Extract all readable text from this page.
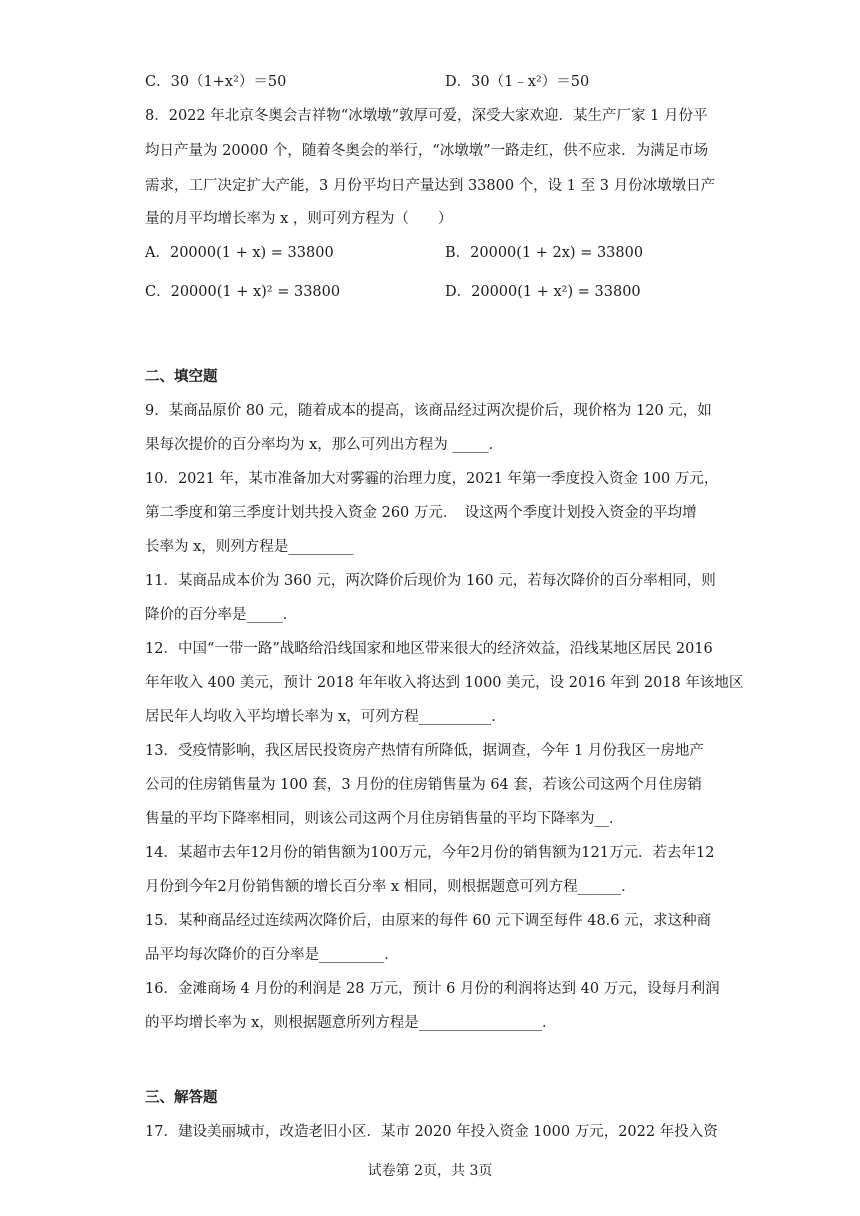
C．30（1+x²）＝50	D．30（1﹣x²）＝50
8．2022 年北京冬奥会吉祥物“冰墩墩”敦厚可爱，深受大家欢迎．某生产厂家 1 月份平
均日产量为 20000 个，随着冬奥会的举行，“冰墩墩”一路走红，供不应求．为满足市场
需求，工厂决定扩大产能，3 月份平均日产量达到 33800 个，设 1 至 3 月份冰墩墩日产
量的月平均增长率为 x ，则可列方程为（　　）
A．20000(1 + x) = 33800	B．20000(1 + 2x) = 33800
C．20000(1 + x)² = 33800	D．20000(1 + x²) = 33800
二、填空题
9．某商品原价 80 元，随着成本的提高，该商品经过两次提价后，现价格为 120 元，如
果每次提价的百分率均为 x，那么可列出方程为 _____．
10．2021 年，某市准备加大对雾霾的治理力度，2021 年第一季度投入资金 100 万元，
第二季度和第三季度计划共投入资金 260 万元．　设这两个季度计划投入资金的平均增
长率为 x，则列方程是_________
11．某商品成本价为 360 元，两次降价后现价为 160 元，若每次降价的百分率相同，则
降价的百分率是_____．
12．中国“一带一路”战略给沿线国家和地区带来很大的经济效益，沿线某地区居民 2016
年年收入 400 美元，预计 2018 年年收入将达到 1000 美元，设 2016 年到 2018 年该地区
居民年人均收入平均增长率为 x，可列方程__________．
13．受疫情影响，我区居民投资房产热情有所降低，据调查，今年 1 月份我区一房地产
公司的住房销售量为 100 套，3 月份的住房销售量为 64 套，若该公司这两个月住房销
售量的平均下降率相同，则该公司这两个月住房销售量的平均下降率为__．
14．某超市去年12月份的销售额为100万元，今年2月份的销售额为121万元．若去年12
月份到今年2月份销售额的增长百分率 x 相同，则根据题意可列方程______．
15．某种商品经过连续两次降价后，由原来的每件 60 元下调至每件 48.6 元，求这种商
品平均每次降价的百分率是_________．
16．金滩商场 4 月份的利润是 28 万元，预计 6 月份的利润将达到 40 万元，设每月利润
的平均增长率为 x，则根据题意所列方程是_________________．
三、解答题
17．建设美丽城市，改造老旧小区．某市 2020 年投入资金 1000 万元，2022 年投入资
试卷第 2页，共 3页
